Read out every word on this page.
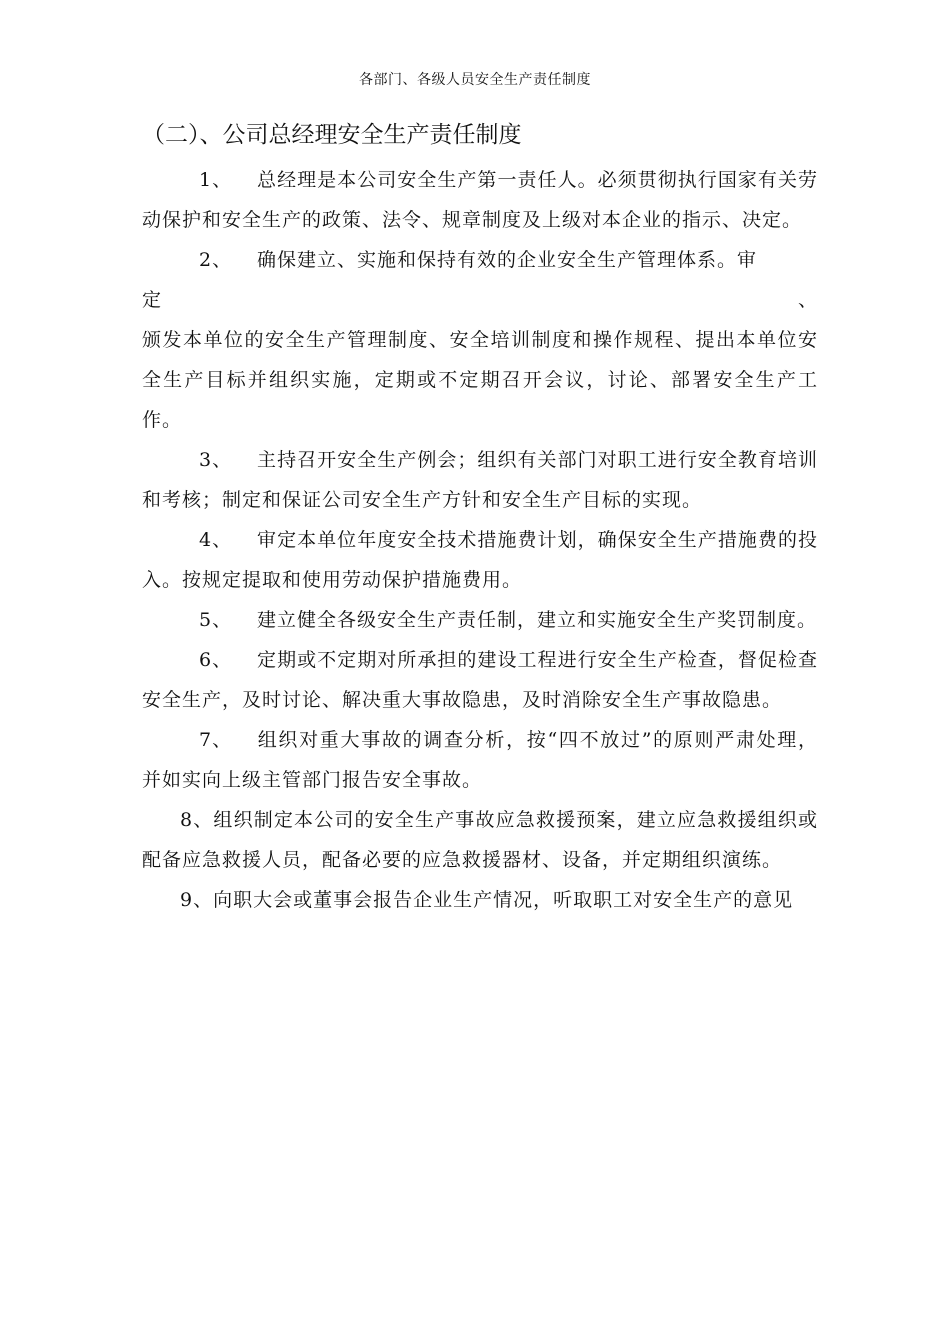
各部门、各级人员安全生产责任制度
（二）、公司总经理安全生产责任制度

1、 总经理是本公司安全生产第一责任人。必须贯彻执行国家有关劳动保护和安全生产的政策、法令、规章制度及上级对本企业的指示、决定。

2、 确保建立、实施和保持有效的企业安全生产管理体系。审

定	、

颁发本单位的安全生产管理制度、安全培训制度和操作规程、提出本单位安全生产目标并组织实施，定期或不定期召开会议，讨论、部署安全生产工作。

3、 主持召开安全生产例会；组织有关部门对职工进行安全教育培训和考核；制定和保证公司安全生产方针和安全生产目标的实现。

4、 审定本单位年度安全技术措施费计划，确保安全生产措施费的投入。按规定提取和使用劳动保护措施费用。

5、 建立健全各级安全生产责任制，建立和实施安全生产奖罚制度。

6、 定期或不定期对所承担的建设工程进行安全生产检查，督促检查安全生产，及时讨论、解决重大事故隐患，及时消除安全生产事故隐患。

7、 组织对重大事故的调查分析，按“四不放过”的原则严肃处理，并如实向上级主管部门报告安全事故。

8、组织制定本公司的安全生产事故应急救援预案，建立应急救援组织或配备应急救援人员，配备必要的应急救援器材、设备，并定期组织演练。

9、向职大会或董事会报告企业生产情况，听取职工对安全生产的意见
